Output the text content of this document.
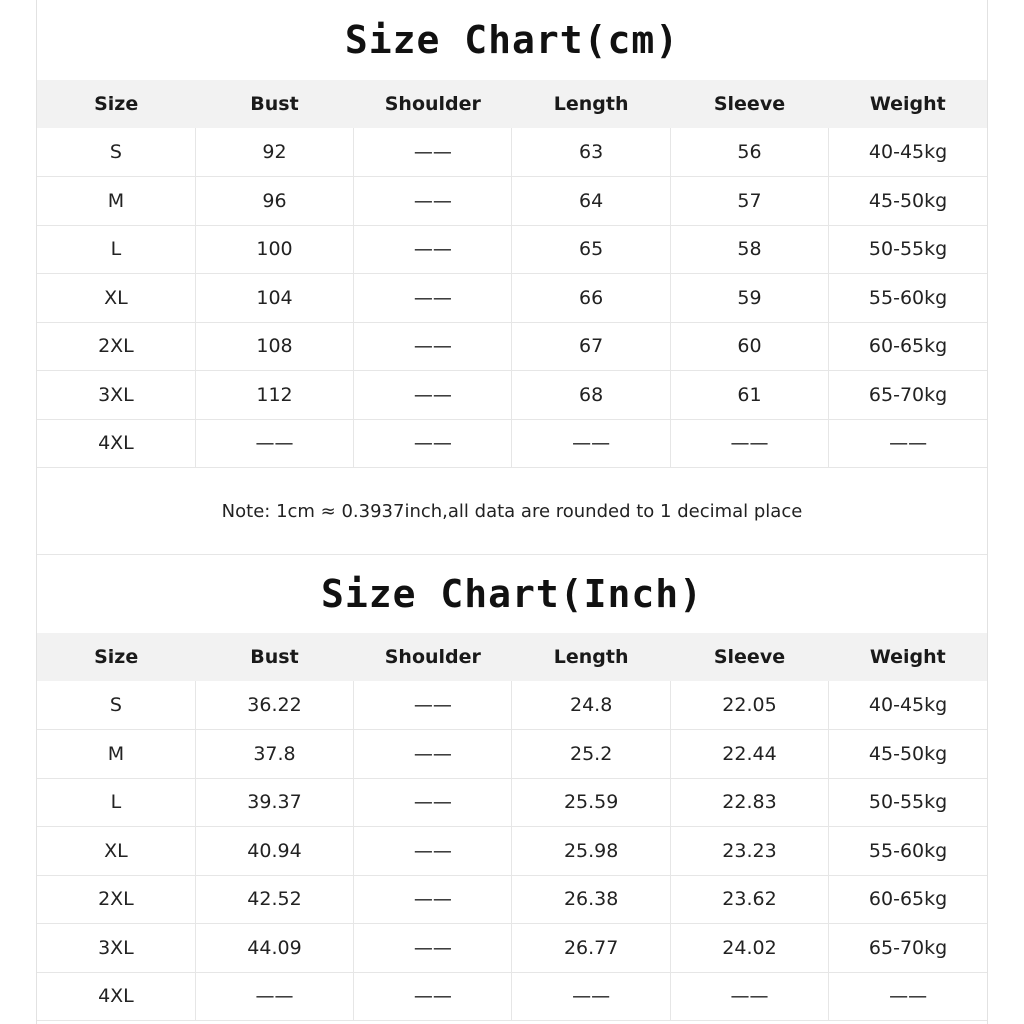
Size Chart(cm)
Size	Bust	Shoulder	Length	Sleeve	Weight
S	92	——	63	56	40-45kg
M	96	——	64	57	45-50kg
L	100	——	65	58	50-55kg
XL	104	——	66	59	55-60kg
2XL	108	——	67	60	60-65kg
3XL	112	——	68	61	65-70kg
4XL	——	——	——	——	——
Note: 1cm ≈ 0.3937inch,all data are rounded to 1 decimal place
Size Chart(Inch)
Size	Bust	Shoulder	Length	Sleeve	Weight
S	36.22	——	24.8	22.05	40-45kg
M	37.8	——	25.2	22.44	45-50kg
L	39.37	——	25.59	22.83	50-55kg
XL	40.94	——	25.98	23.23	55-60kg
2XL	42.52	——	26.38	23.62	60-65kg
3XL	44.09	——	26.77	24.02	65-70kg
4XL	——	——	——	——	——
